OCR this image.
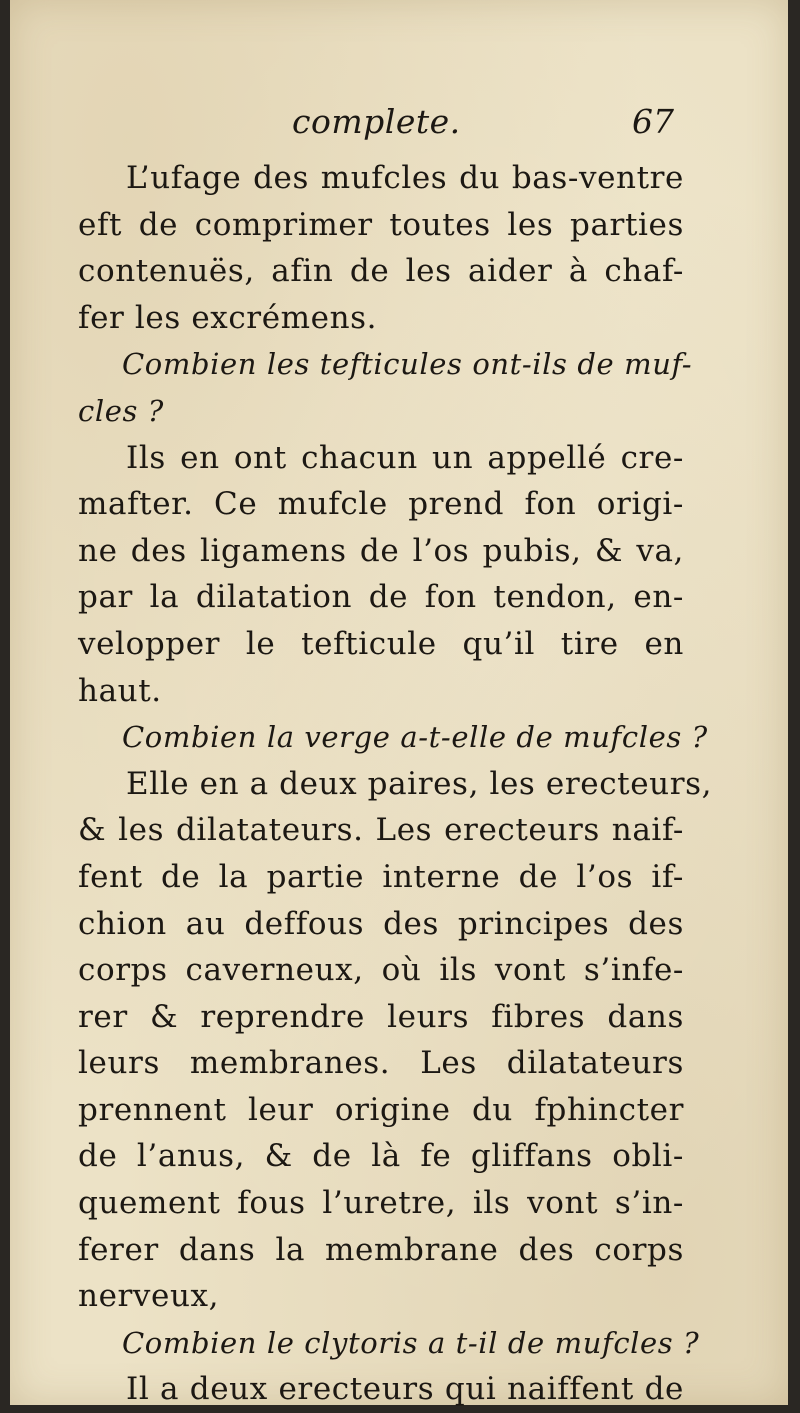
complete.	67
L’ufage des mufcles du bas-ventre
eft de comprimer toutes les parties
contenuës, afin de les aider à chaf-
fer les excrémens.
Combien les tefticules ont-ils de muf-
cles ?
Ils en ont chacun un appellé cre-
mafter. Ce mufcle prend fon origi-
ne des ligamens de l’os pubis, & va,
par la dilatation de fon tendon, en-
velopper le tefticule qu’il tire en
haut.
Combien la verge a-t-elle de mufcles ?
Elle en a deux paires, les erecteurs,
& les dilatateurs. Les erecteurs naif-
fent de la partie interne de l’os if-
chion au deffous des principes des
corps caverneux, où ils vont s’infe-
rer & reprendre leurs fibres dans
leurs membranes. Les dilatateurs
prennent leur origine du fphincter
de l’anus, & de là fe gliffans obli-
quement fous l’uretre, ils vont s’in-
ferer dans la membrane des corps
nerveux,
Combien le clytoris a t-il de mufcles ?
Il a deux erecteurs qui naiffent de
